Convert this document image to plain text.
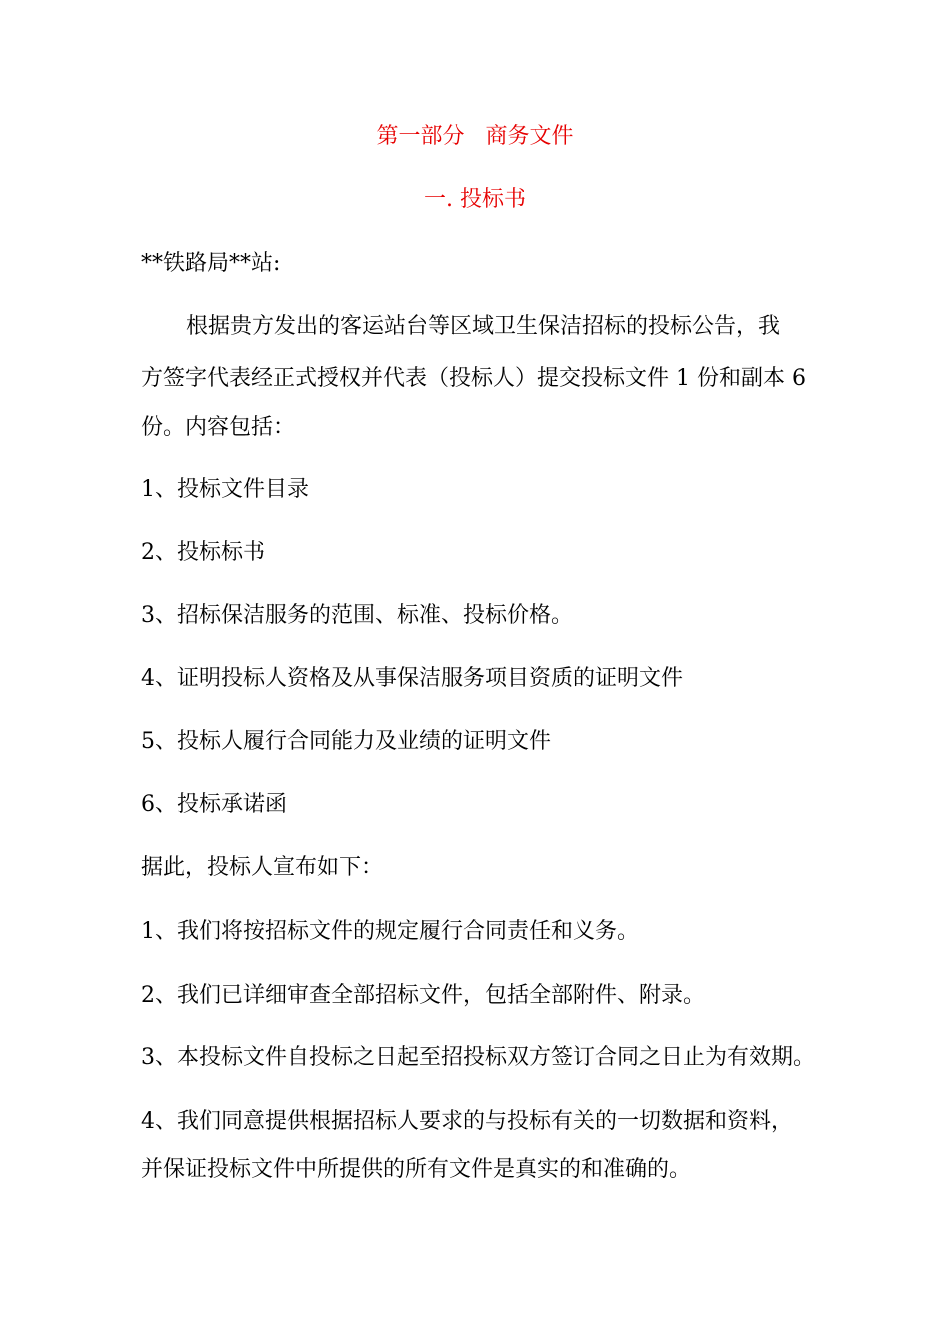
第一部分   商务文件
一. 投标书
**铁路局**站:
根据贵方发出的客运站台等区域卫生保洁招标的投标公告，我
方签字代表经正式授权并代表（投标人）提交投标文件 1 份和副本 6
份。内容包括：
1、投标文件目录
2、投标标书
3、招标保洁服务的范围、标准、投标价格。
4、证明投标人资格及从事保洁服务项目资质的证明文件
5、投标人履行合同能力及业绩的证明文件
6、投标承诺函
据此，投标人宣布如下：
1、我们将按招标文件的规定履行合同责任和义务。
2、我们已详细审查全部招标文件，包括全部附件、附录。
3、本投标文件自投标之日起至招投标双方签订合同之日止为有效期。
4、我们同意提供根据招标人要求的与投标有关的一切数据和资料，
并保证投标文件中所提供的所有文件是真实的和准确的。
